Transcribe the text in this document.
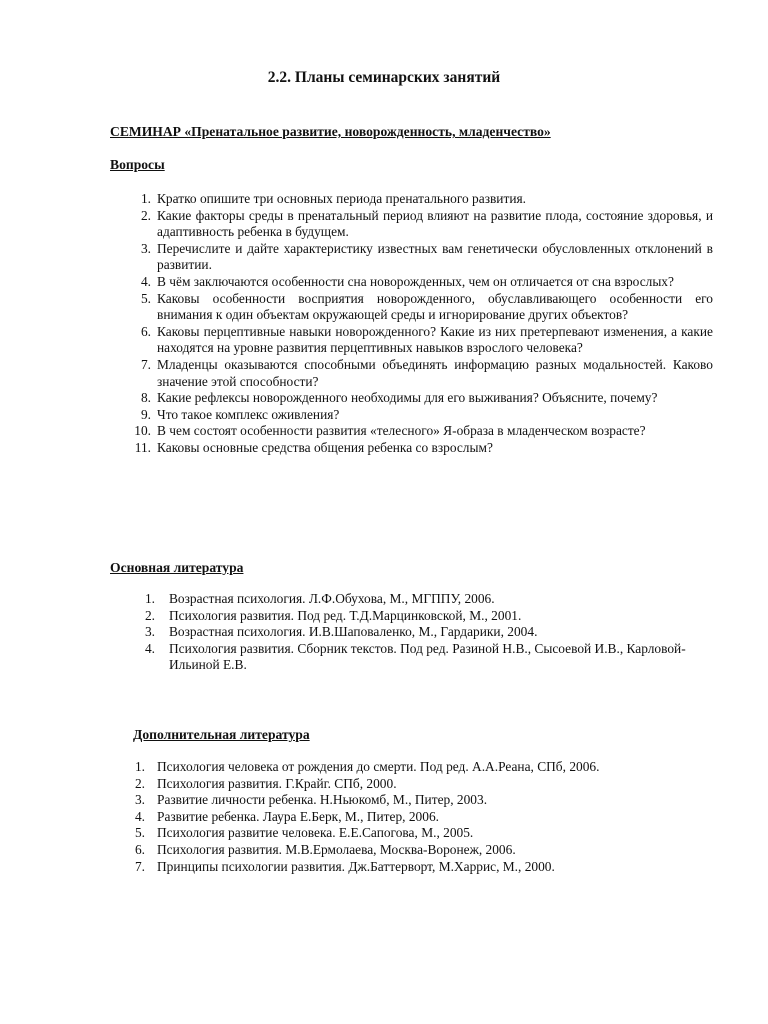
2.2. Планы семинарских занятий
СЕМИНАР «Пренатальное развитие, новорожденность, младенчество»
Вопросы
1. Кратко опишите три основных периода пренатального развития.
2. Какие факторы среды в пренатальный период влияют на развитие плода, состояние здоровья, и адаптивность ребенка в будущем.
3. Перечислите и дайте характеристику известных вам генетически обусловленных отклонений в развитии.
4. В чём заключаются особенности сна новорожденных, чем он отличается от сна взрослых?
5. Каковы особенности восприятия новорожденного, обуславливающего особенности его внимания к один объектам окружающей среды и игнорирование других объектов?
6. Каковы перцептивные навыки новорожденного? Какие из них претерпевают изменения, а какие находятся на уровне развития перцептивных навыков взрослого человека?
7. Младенцы оказываются способными объединять информацию разных модальностей. Каково значение этой способности?
8. Какие рефлексы новорожденного необходимы для его выживания? Объясните, почему?
9. Что такое комплекс оживления?
10. В чем состоят особенности развития «телесного» Я-образа в младенческом возрасте?
11. Каковы основные средства общения ребенка со взрослым?
Основная литература
1. Возрастная психология. Л.Ф.Обухова, М., МГППУ, 2006.
2. Психология развития. Под ред. Т.Д.Марцинковской, М., 2001.
3. Возрастная психология. И.В.Шаповаленко, М., Гардарики, 2004.
4. Психология развития. Сборник текстов. Под ред. Разиной Н.В., Сысоевой И.В., Карловой-Ильиной Е.В.
Дополнительная литература
1. Психология человека от рождения до смерти. Под ред. А.А.Реана, СПб, 2006.
2. Психология развития. Г.Крайг. СПб, 2000.
3. Развитие личности ребенка. Н.Ньюкомб, М., Питер, 2003.
4. Развитие ребенка. Лаура Е.Берк, М., Питер, 2006.
5. Психология развитие человека. Е.Е.Сапогова, М., 2005.
6. Психология развития. М.В.Ермолаева, Москва-Воронеж, 2006.
7. Принципы психологии развития. Дж.Баттерворт, М.Харрис, М., 2000.
